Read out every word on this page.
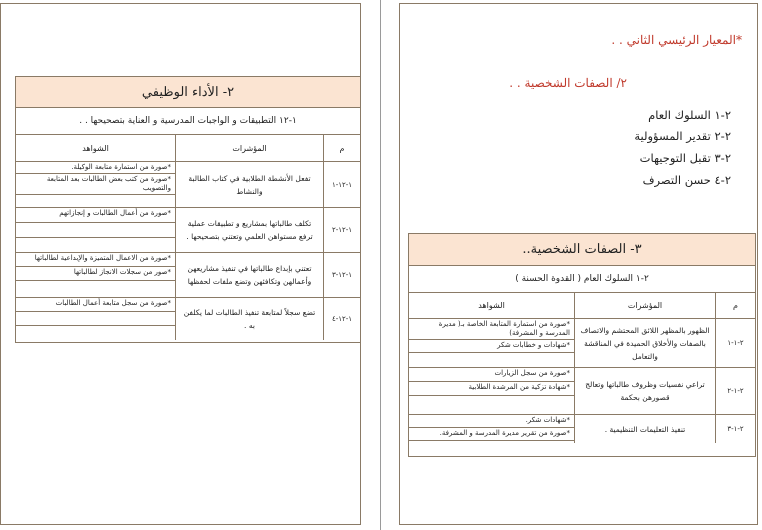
٢- الأداء الوظيفي
١-١٢ التطبيقات و الواجبات المدرسية و العناية بتصحيحها . .
م
المؤشرات
الشواهد
١-١٢-١
تفعل الأنشطة الطلابية في كتاب الطالبة والنشاط
*صورة من استمارة متابعة الوكيلة.
*صورة من كتب بعض الطالبات بعد المتابعة والتصويب
١-١٢-٢
تكلف طالباتها بمشاريع و تطبيقات عملية ترفع مستواهن العلمي وتعتني بتصحيحها .
*صورة من أعمال الطالبات و إنجازاتهم
١-١٢-٣
تعتني بإبداع طالباتها في تنفيذ مشاريعهن وأعمالهن وتكافئهن وتضع ملفات لحفظها
*صورة من الاعمال المتميزة والإبداعية لطالباتها
*صور من سجلات الانجاز لطالباتها
١-١٢-٤
تضع سجلاً لمتابعة تنفيذ الطالبات لما يكلفن به .
*صورة من سجل متابعة أعمال الطالبات
*المعيار الرئيسي الثاني . .
٢/ الصفات الشخصية . .
٢-١ السلوك العام
٢-٢ تقدير المسؤولية
٢-٣ تقبل التوجيهات
٢-٤ حسن التصرف
٣- الصفات الشخصية..
٢-١ السلوك العام ( القدوة الحسنة )
م
المؤشرات
الشواهد
٢-١-١
الظهور بالمظهر اللائق المحتشم والاتصاف بالصفات والأخلاق الحميدة في المناقشة والتعامل
*صورة من استمارة المتابعة الخاصة بـ( مديرة المدرسة و المشرفة)
*شهادات و خطابات شكر
٢-١-٢
تراعي نفسيات وظروف طالباتها وتعالج قصورهن بحكمة
*صورة من سجل الزيارات
*شهادة تزكية من المرشدة الطلابية
٢-١-٣
تنفيذ التعليمات التنظيمية .
*شهادات شكر.
*صورة من تقرير مديرة المدرسة و المشرفة.
